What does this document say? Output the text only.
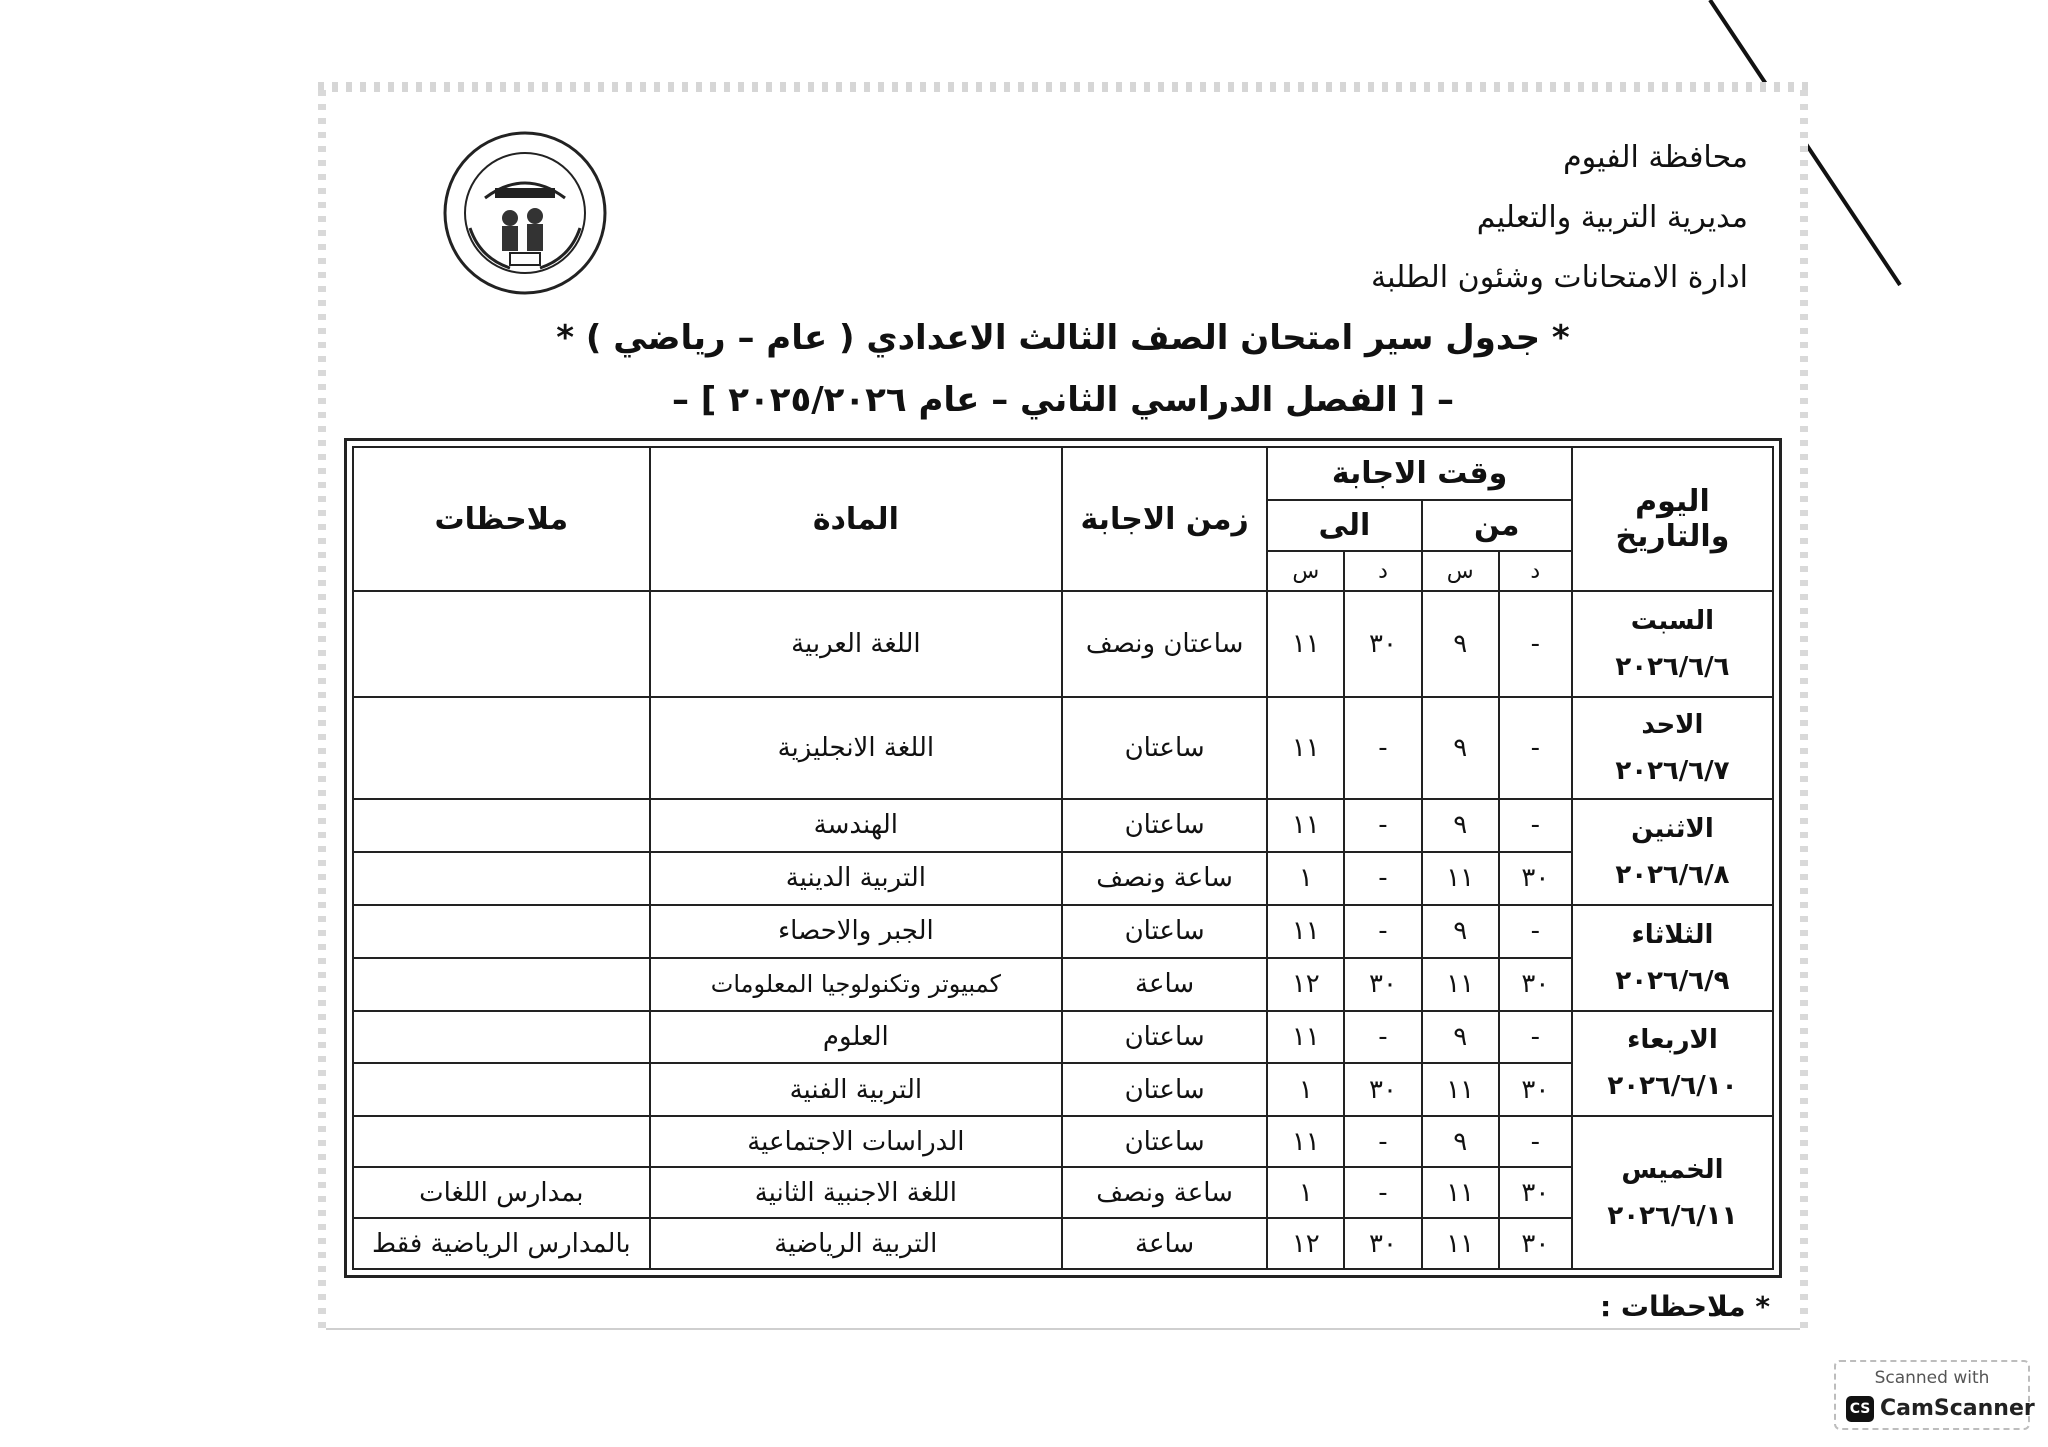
محافظة الفيوم
مديرية التربية والتعليم
ادارة الامتحانات وشئون الطلبة
* جدول سير امتحان الصف الثالث الاعدادي ( عام – رياضي ) *
– [ الفصل الدراسي الثاني – عام ٢٠٢٥/٢٠٢٦ ] –
اليوم والتاريخ	وقت الاجابة				زمن الاجابة	المادة	ملاحظات
	من		الى				
	د	س	د	س			

السبت
٢٠٢٦/٦/٦	-	٩	٣٠	١١	ساعتان ونصف	اللغة العربية	

الاحد
٢٠٢٦/٦/٧	-	٩	-	١١	ساعتان	اللغة الانجليزية	

الاثنين
٢٠٢٦/٦/٨	-	٩	-	١١	ساعتان	الهندسة	
	٣٠	١١	-	١	ساعة ونصف	التربية الدينية	

الثلاثاء
٢٠٢٦/٦/٩	-	٩	-	١١	ساعتان	الجبر والاحصاء	
	٣٠	١١	٣٠	١٢	ساعة	كمبيوتر وتكنولوجيا المعلومات	

الاربعاء
٢٠٢٦/٦/١٠	-	٩	-	١١	ساعتان	العلوم	
	٣٠	١١	٣٠	١	ساعتان	التربية الفنية	

الخميس
٢٠٢٦/٦/١١	-	٩	-	١١	ساعتان	الدراسات الاجتماعية	
	٣٠	١١	-	١	ساعة ونصف	اللغة الاجنبية الثانية	بمدارس اللغات
	٣٠	١١	٣٠	١٢	ساعة	التربية الرياضية	بالمدارس الرياضية فقط
* ملاحظات :
Scanned with
CS CamScanner
